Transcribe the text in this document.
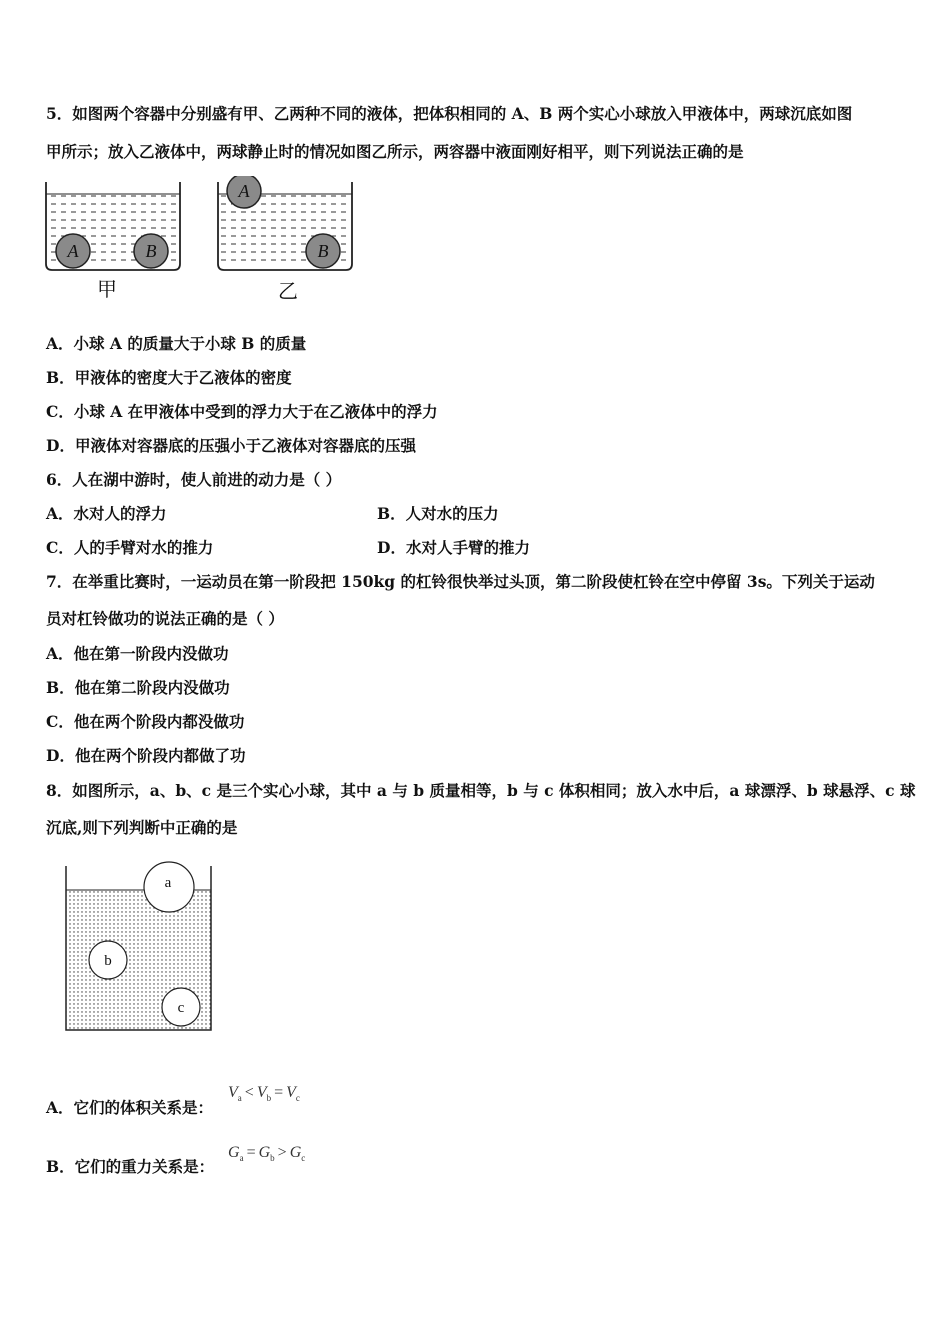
5．如图两个容器中分别盛有甲、乙两种不同的液体，把体积相同的 A、B 两个实心小球放入甲液体中，两球沉底如图
甲所示；放入乙液体中，两球静止时的情况如图乙所示，两容器中液面刚好相平，则下列说法正确的是
A	B
甲
A
B
乙
A．小球 A 的质量大于小球 B 的质量
B．甲液体的密度大于乙液体的密度
C．小球 A 在甲液体中受到的浮力大于在乙液体中的浮力
D．甲液体对容器底的压强小于乙液体对容器底的压强
6．人在湖中游时，使人前进的动力是（ ）
A．水对人的浮力	B．人对水的压力
C．人的手臂对水的推力	D．水对人手臂的推力
7．在举重比赛时，一运动员在第一阶段把 150kg 的杠铃很快举过头顶，第二阶段使杠铃在空中停留 3s。下列关于运动
员对杠铃做功的说法正确的是（ ）
A．他在第一阶段内没做功
B．他在第二阶段内没做功
C．他在两个阶段内都没做功
D．他在两个阶段内都做了功
8．如图所示，a、b、c 是三个实心小球，其中 a 与 b 质量相等，b 与 c 体积相同；放入水中后，a 球漂浮、b 球悬浮、c 球
沉底,则下列判断中正确的是
a
b
c
A．它们的体积关系是：
$V_a < V_b = V_c$
B．它们的重力关系是：
$G_a = G_b > G_c$
